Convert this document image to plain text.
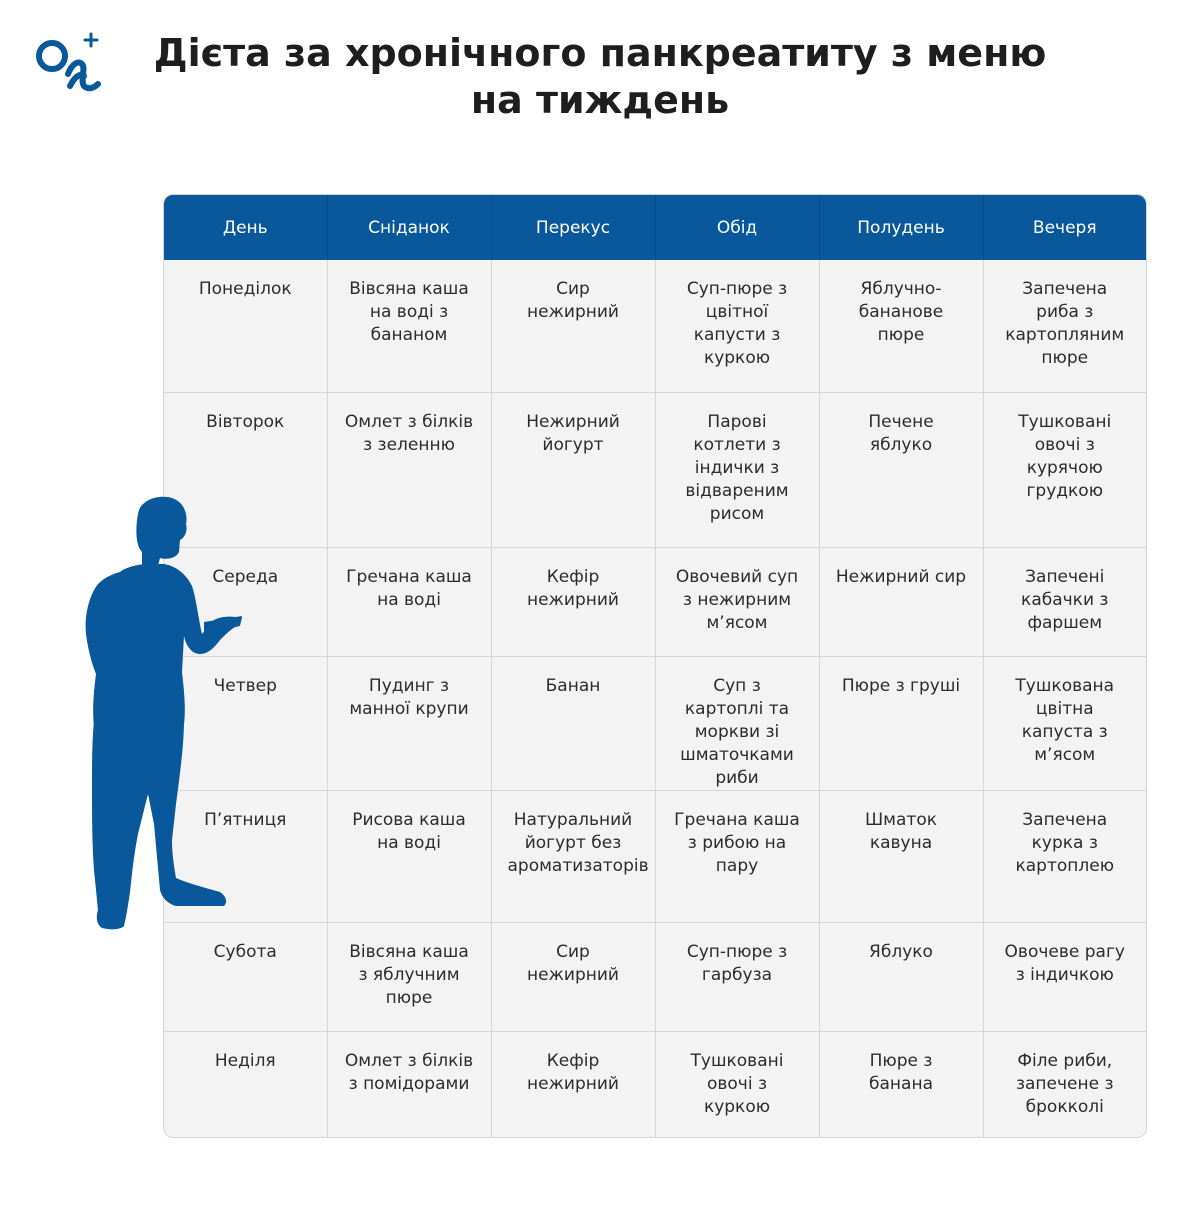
Дієта за хронічного панкреатиту з меню на тиждень
День	Сніданок	Перекус	Обід	Полудень	Вечеря
Понеділок	Вівсяна каша на воді з бананом	Сир нежирний	Суп-пюре з цвітної капусти з куркою	Яблучно-бананове пюре	Запечена риба з картопляним пюре
Вівторок	Омлет з білків з зеленню	Нежирний йогурт	Парові котлети з індички з відвареним рисом	Печене яблуко	Тушковані овочі з курячою грудкою
Середа	Гречана каша на воді	Кефір нежирний	Овочевий суп з нежирним м’ясом	Нежирний сир	Запечені кабачки з фаршем
Четвер	Пудинг з манної крупи	Банан	Суп з картоплі та моркви зі шматочками риби	Пюре з груші	Тушкована цвітна капуста з м’ясом
П’ятниця	Рисова каша на воді	Натуральний йогурт без ароматизаторів	Гречана каша з рибою на пару	Шматок кавуна	Запечена курка з картоплею
Субота	Вівсяна каша з яблучним пюре	Сир нежирний	Суп-пюре з гарбуза	Яблуко	Овочеве рагу з індичкою
Неділя	Омлет з білків з помідорами	Кефір нежирний	Тушковані овочі з куркою	Пюре з банана	Філе риби, запечене з брокколі
